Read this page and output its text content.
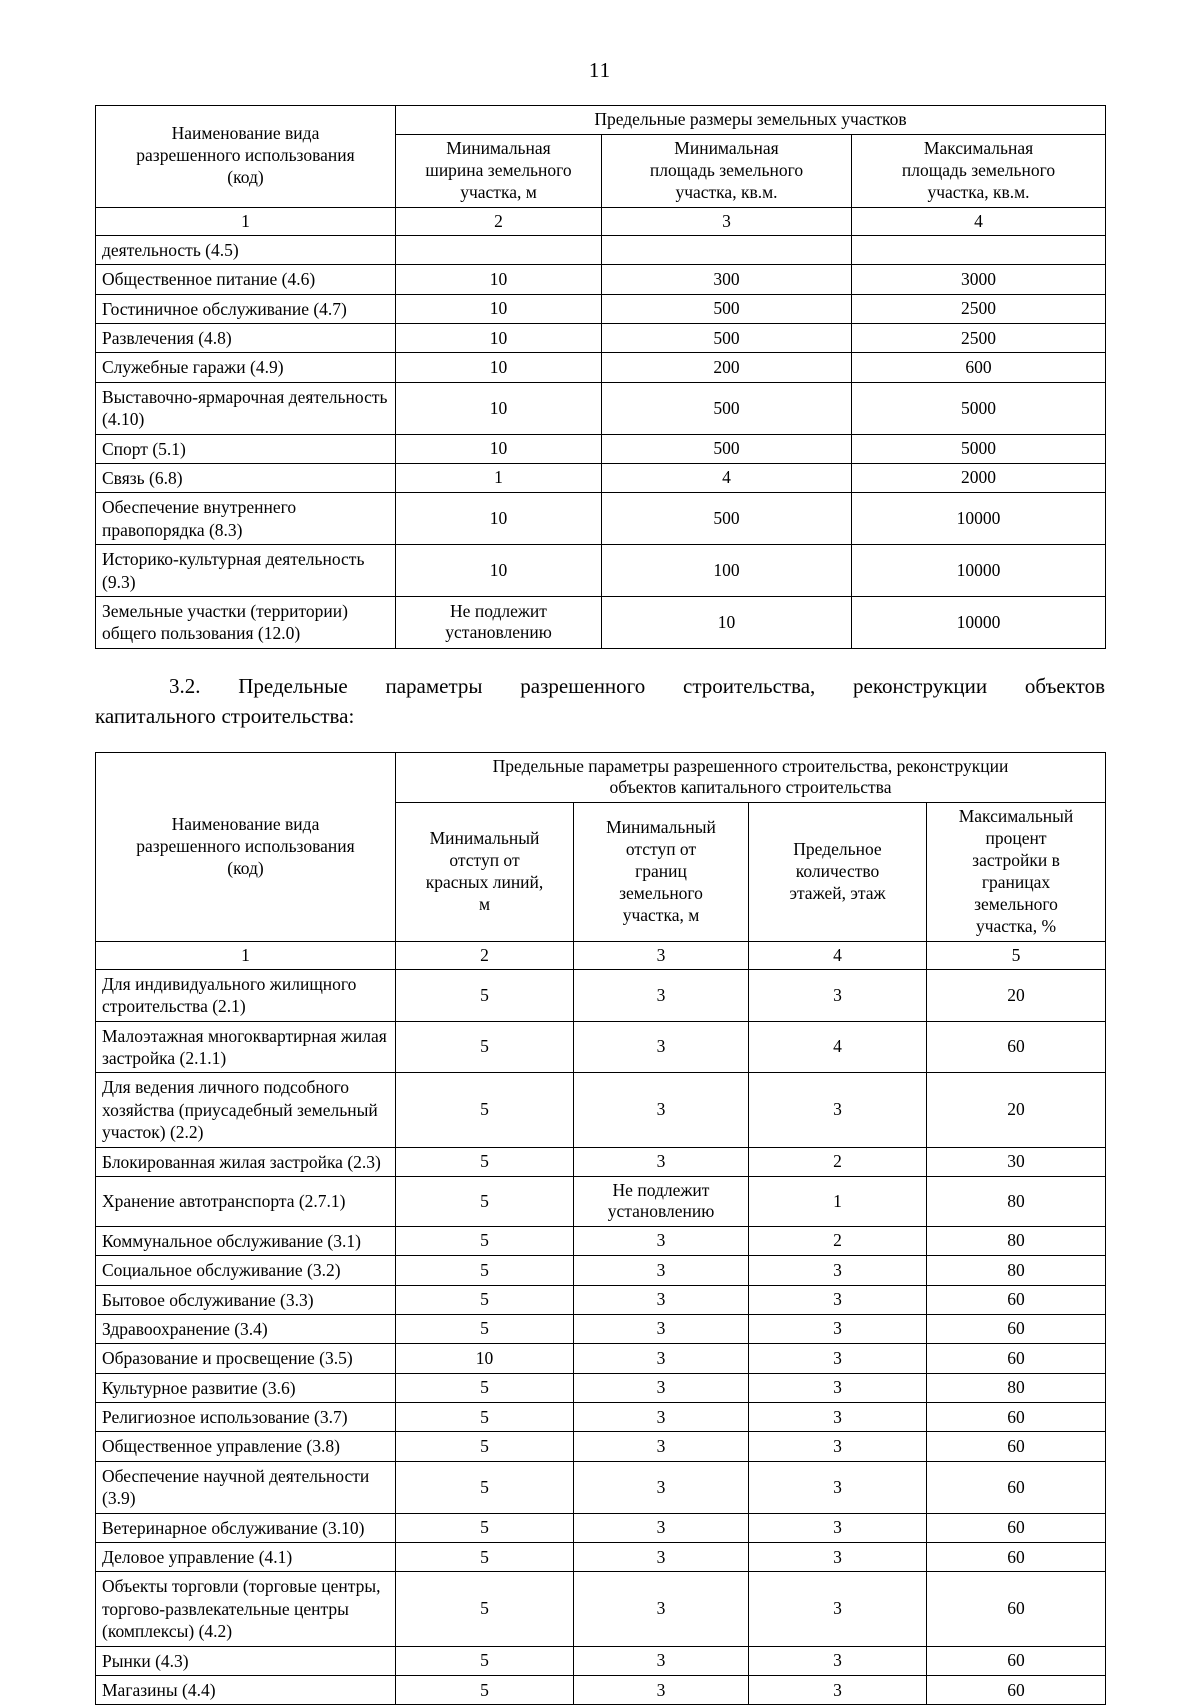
11
Наименование вида
разрешенного использования
(код)	Предельные размеры земельных участков		
	Минимальная
ширина земельного
участка, м	Минимальная
площадь земельного
участка, кв.м.	Максимальная
площадь земельного
участка, кв.м.
1	2	3	4
деятельность (4.5)			
Общественное питание (4.6)	10	300	3000
Гостиничное обслуживание (4.7)	10	500	2500
Развлечения (4.8)	10	500	2500
Служебные гаражи (4.9)	10	200	600
Выставочно-ярмарочная деятельность (4.10)	10	500	5000
Спорт (5.1)	10	500	5000
Связь (6.8)	1	4	2000
Обеспечение внутреннего правопорядка (8.3)	10	500	10000
Историко-культурная деятельность (9.3)	10	100	10000
Земельные участки (территории) общего пользования (12.0)	Не подлежит установлению	10	10000
3.2. Предельные параметры разрешенного строительства, реконструкции объектов
капитального строительства:
Наименование вида
разрешенного использования
(код)	Предельные параметры разрешенного строительства, реконструкции
объектов капитального строительства			
Минимальный
отступ от
красных линий,
м	Минимальный
отступ от
границ
земельного
участка, м	Предельное
количество
этажей, этаж	Максимальный
процент
застройки в
границах
земельного
участка, %
1	2	3	4	5
Для индивидуального жилищного строительства (2.1)	5	3	3	20
Малоэтажная многоквартирная жилая застройка (2.1.1)	5	3	4	60
Для ведения личного подсобного хозяйства (приусадебный земельный участок) (2.2)	5	3	3	20
Блокированная жилая застройка (2.3)	5	3	2	30
Хранение автотранспорта (2.7.1)	5	Не подлежит установлению	1	80
Коммунальное обслуживание (3.1)	5	3	2	80
Социальное обслуживание (3.2)	5	3	3	80
Бытовое обслуживание (3.3)	5	3	3	60
Здравоохранение (3.4)	5	3	3	60
Образование и просвещение (3.5)	10	3	3	60
Культурное развитие (3.6)	5	3	3	80
Религиозное использование (3.7)	5	3	3	60
Общественное управление (3.8)	5	3	3	60
Обеспечение научной деятельности (3.9)	5	3	3	60
Ветеринарное обслуживание (3.10)	5	3	3	60
Деловое управление (4.1)	5	3	3	60
Объекты торговли (торговые центры, торгово-развлекательные центры (комплексы) (4.2)	5	3	3	60
Рынки (4.3)	5	3	3	60
Магазины (4.4)	5	3	3	60
